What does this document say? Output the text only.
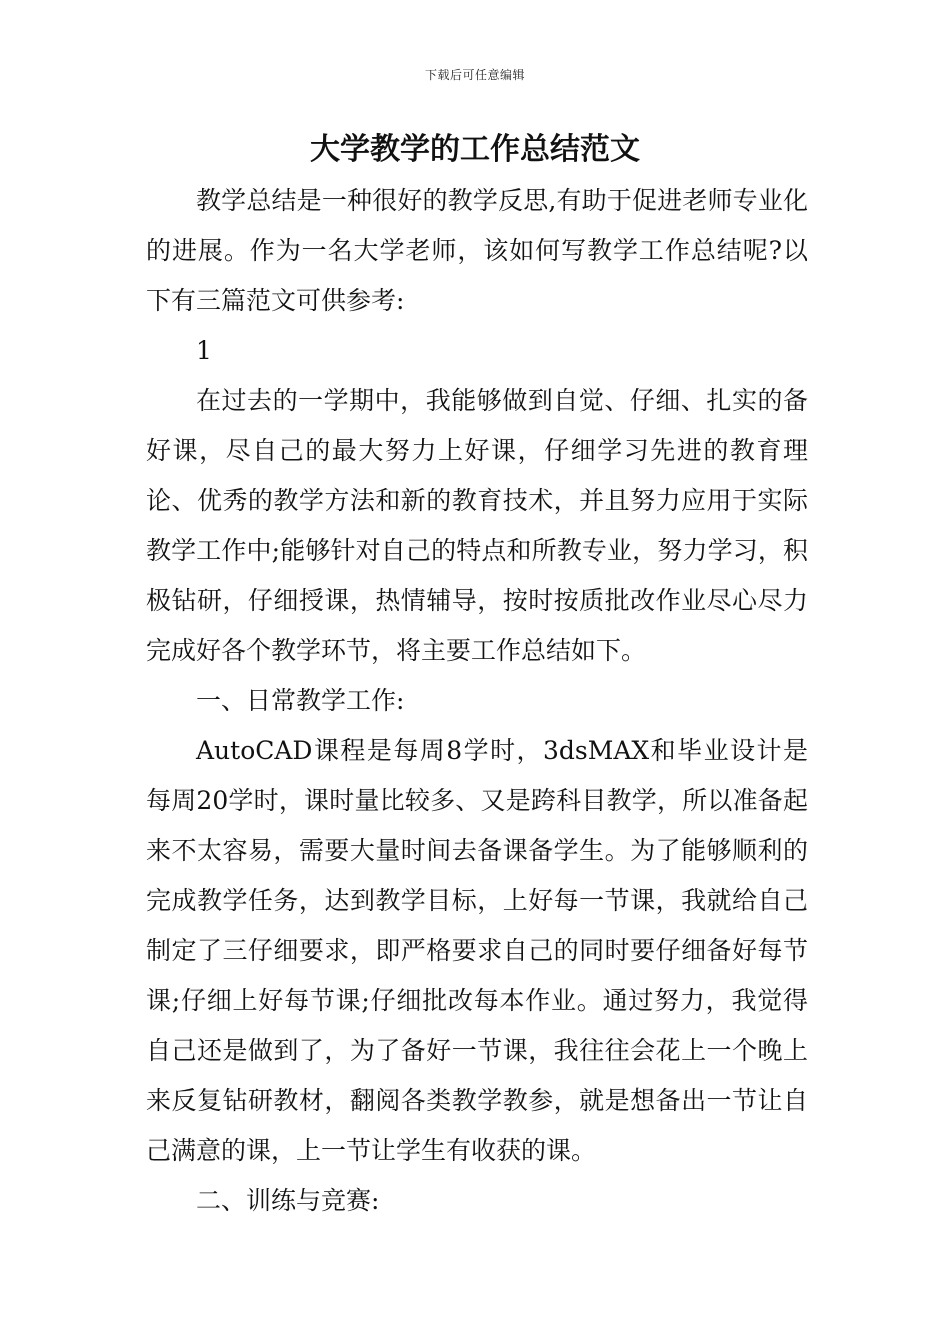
下载后可任意编辑
大学教学的工作总结范文

教学总结是一种很好的教学反思,有助于促进老师专业化的进展。作为一名大学老师，该如何写教学工作总结呢?以下有三篇范文可供参考:

1

在过去的一学期中，我能够做到自觉、仔细、扎实的备好课，尽自己的最大努力上好课，仔细学习先进的教育理论、优秀的教学方法和新的教育技术，并且努力应用于实际教学工作中;能够针对自己的特点和所教专业，努力学习，积极钻研，仔细授课，热情辅导，按时按质批改作业尽心尽力完成好各个教学环节，将主要工作总结如下。

一、日常教学工作:

AutoCAD课程是每周8学时，3dsMAX和毕业设计是每周20学时，课时量比较多、又是跨科目教学，所以准备起来不太容易，需要大量时间去备课备学生。为了能够顺利的完成教学任务，达到教学目标，上好每一节课，我就给自己制定了三仔细要求，即严格要求自己的同时要仔细备好每节课;仔细上好每节课;仔细批改每本作业。通过努力，我觉得自己还是做到了，为了备好一节课，我往往会花上一个晚上来反复钻研教材，翻阅各类教学教参，就是想备出一节让自己满意的课，上一节让学生有收获的课。

二、训练与竞赛:
